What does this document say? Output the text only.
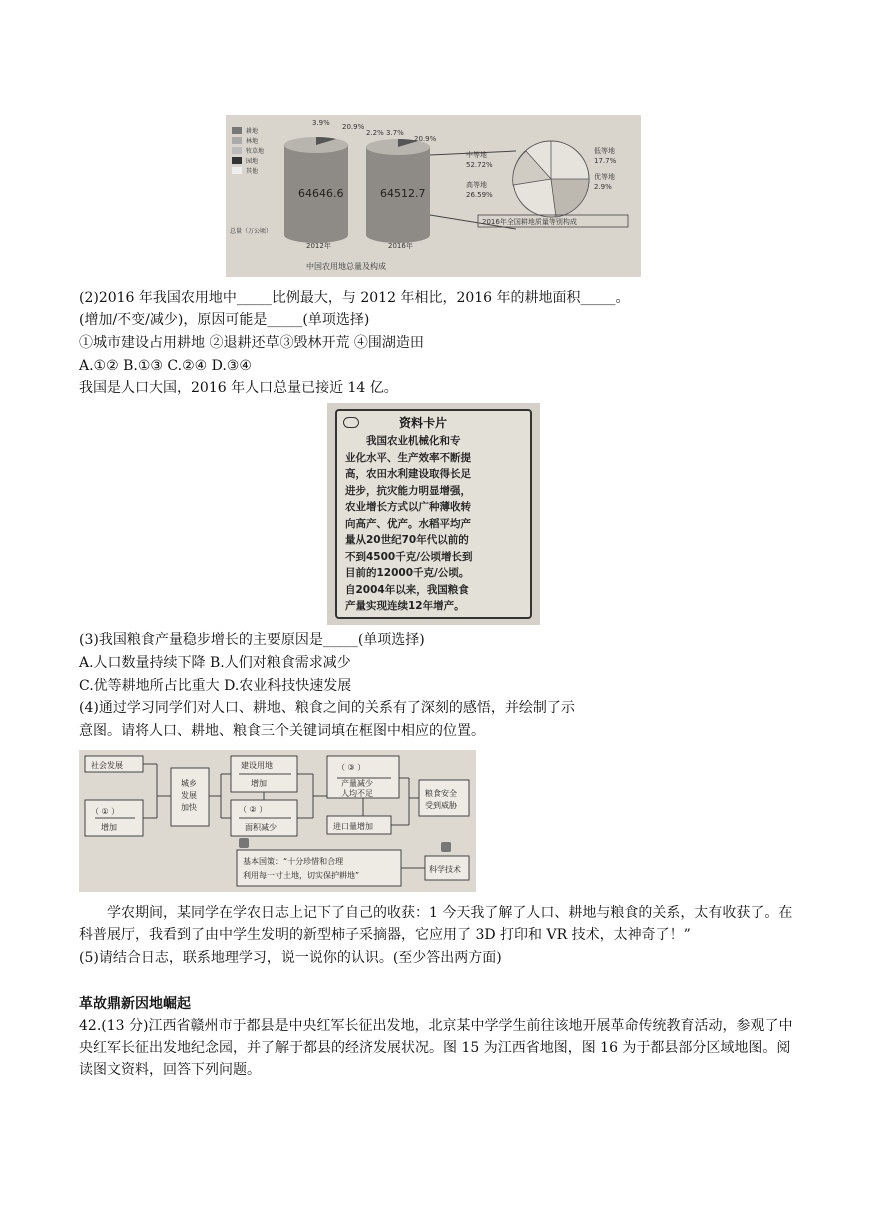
耕地
林地
牧草地
园地
其他
总量（万公顷）
64646.6
3.9% 20.9%
2012年
64512.7
2.2% 3.7%
20.9%
2016年
中等地
52.72%
高等地
26.59%
低等地
17.7%
优等地
2.9%
2016年全国耕地质量等别构成
中国农用地总量及构成
(2)2016 年我国农用地中_____比例最大，与 2012 年相比，2016 年的耕地面积_____。
(增加/不变/减少)，原因可能是_____(单项选择)
①城市建设占用耕地 ②退耕还草③毁林开荒 ④围湖造田
A.①② B.①③ C.②④ D.③④
我国是人口大国，2016 年人口总量已接近 14 亿。
资料卡片
我国农业机械化和专
业化水平、生产效率不断提
高，农田水利建设取得长足
进步，抗灾能力明显增强，
农业增长方式以广种薄收转
向高产、优产。水稻平均产
量从20世纪70年代以前的
不到4500千克/公顷增长到
目前的12000千克/公顷。
自2004年以来，我国粮食
产量实现连续12年增产。
(3)我国粮食产量稳步增长的主要原因是_____(单项选择)
A.人口数量持续下降 B.人们对粮食需求减少
C.优等耕地所占比重大 D.农业科技快速发展
(4)通过学习同学们对人口、耕地、粮食之间的关系有了深刻的感悟，并绘制了示
意图。请将人口、耕地、粮食三个关键词填在框图中相应的位置。
社会发展
（ ① ）
增加
城乡
发展
加快
建设用地
增加
（ ② ）
面积减少
（ ③ ）
产量减少
人均不足
进口量增加
粮食安全
受到威胁
基本国策：“十分珍惜和合理
利用每一寸土地，切实保护耕地”
科学技术
学农期间，某同学在学农日志上记下了自己的收获：1 今天我了解了人口、耕地与粮食的关系，太有收获了。在科普展厅，我看到了由中学生发明的新型柿子采摘器，它应用了 3D 打印和 VR 技术，太神奇了！”
(5)请结合日志，联系地理学习，说一说你的认识。(至少答出两方面)
革故鼎新因地崛起
42.(13 分)江西省赣州市于都县是中央红军长征出发地，北京某中学学生前往该地开展革命传统教育活动，参观了中央红军长征出发地纪念园，并了解于都县的经济发展状况。图 15 为江西省地图，图 16 为于都县部分区域地图。阅读图文资料，回答下列问题。
